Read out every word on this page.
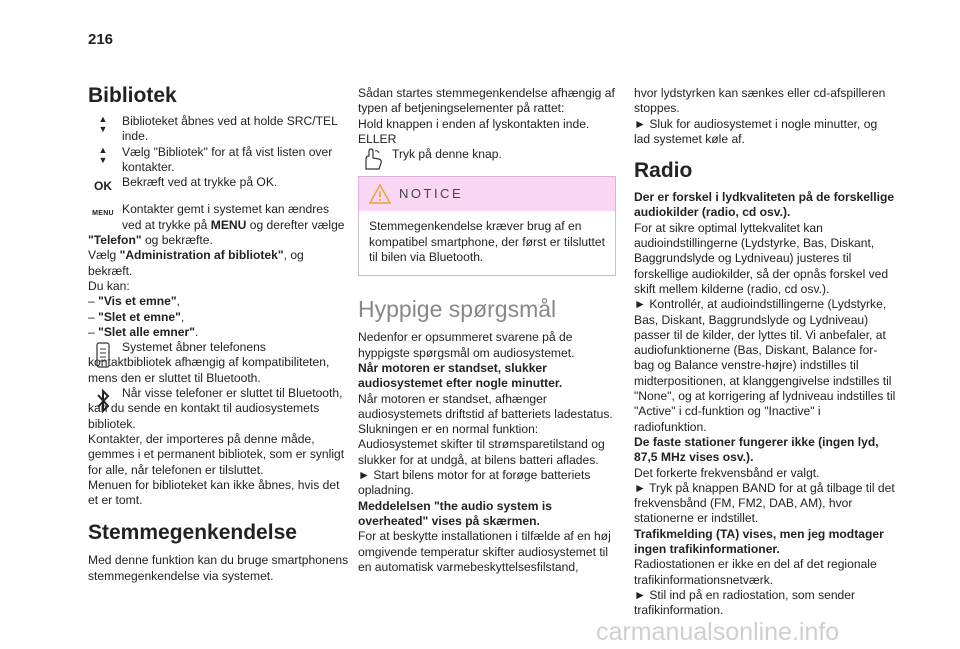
216
Bibliotek
▲
▼

Biblioteket åbnes ved at holde SRC/TEL inde.

▲
▼

Vælg "Bibliotek" for at få vist listen over kontakter.

OK Bekræft ved at trykke på OK.

MENU Kontakter gemt i systemet kan ændres ved at trykke på MENU og derefter vælge

"Telefon" og bekræfte.

Vælg "Administration af bibliotek", og bekræft.

Du kan:

– "Vis et emne",

– "Slet et emne",

– "Slet alle emner".

Systemet åbner telefonens kontaktbibliotek afhængig af kompatibiliteten, mens den er sluttet til Bluetooth.

Når visse telefoner er sluttet til Bluetooth, kan du sende en kontakt til audiosystemets bibliotek.

Kontakter, der importeres på denne måde, gemmes i et permanent bibliotek, som er synligt for alle, når telefonen er tilsluttet.

Menuen for biblioteket kan ikke åbnes, hvis det et er tomt.

Stemmegenkendelse

Med denne funktion kan du bruge smartphonens stemmegenkendelse via systemet.

Sådan startes stemmegenkendelse afhængig af typen af betjeningselementer på rattet:

Hold knappen i enden af lyskontakten inde.

ELLER

Tryk på denne knap.

NOTICE

Stemmegenkendelse kræver brug af en kompatibel smartphone, der først er tilsluttet til bilen via Bluetooth.

Hyppige spørgsmål

Nedenfor er opsummeret svarene på de hyppigste spørgsmål om audiosystemet.

Når motoren er standset, slukker audiosystemet efter nogle minutter.

Når motoren er standset, afhænger audiosystemets driftstid af batteriets ladestatus. Slukningen er en normal funktion: Audiosystemet skifter til strømsparetilstand og slukker for at undgå, at bilens batteri aflades.

► Start bilens motor for at forøge batteriets opladning.

Meddelelsen "the audio system is overheated" vises på skærmen.

For at beskytte installationen i tilfælde af en høj omgivende temperatur skifter audiosystemet til en automatisk varmebeskyttelsesfilstand,

hvor lydstyrken kan sænkes eller cd-afspilleren stoppes.

► Sluk for audiosystemet i nogle minutter, og lad systemet køle af.

Radio

Der er forskel i lydkvaliteten på de forskellige audiokilder (radio, cd osv.).

For at sikre optimal lyttekvalitet kan audioindstillingerne (Lydstyrke, Bas, Diskant, Baggrundslyde og Lydniveau) justeres til forskellige audiokilder, så der opnås forskel ved skift mellem kilderne (radio, cd osv.).

► Kontrollér, at audioindstillingerne (Lydstyrke, Bas, Diskant, Baggrundslyde og Lydniveau) passer til de kilder, der lyttes til. Vi anbefaler, at audiofunktionerne (Bas, Diskant, Balance for-bag og Balance venstre-højre) indstilles til midterpositionen, at klanggengivelse indstilles til "None", og at korrigering af lydniveau indstilles til "Active" i cd-funktion og "Inactive" i radiofunktion.

De faste stationer fungerer ikke (ingen lyd, 87,5 MHz vises osv.).

Det forkerte frekvensbånd er valgt.

► Tryk på knappen BAND for at gå tilbage til det frekvensbånd (FM, FM2, DAB, AM), hvor stationerne er indstillet.

Trafikmelding (TA) vises, men jeg modtager ingen trafikinformationer.

Radiostationen er ikke en del af det regionale trafikinformationsnetværk.

► Stil ind på en radiostation, som sender trafikinformation.

carmanualsonline.info
